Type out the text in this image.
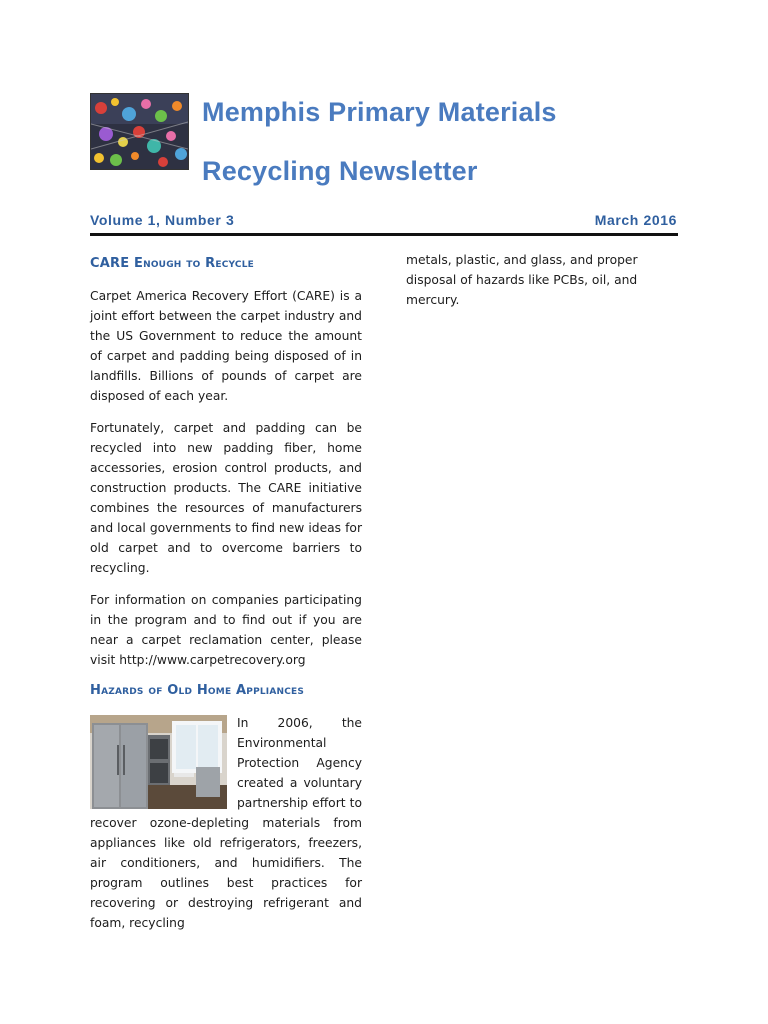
Memphis Primary Materials
Recycling Newsletter
Volume 1, Number 3	March 2016
CARE Enough to Recycle

Carpet America Recovery Effort (CARE) is a joint effort between the carpet industry and the US Government to reduce the amount of carpet and padding being disposed of in landfills. Billions of pounds of carpet are disposed of each year.

Fortunately, carpet and padding can be recycled into new padding fiber, home accessories, erosion control products, and construction products. The CARE initiative combines the resources of manufacturers and local governments to find new ideas for old carpet and to overcome barriers to recycling.

For information on companies participating in the program and to find out if you are near a carpet reclamation center, please visit http://www.carpetrecovery.org

Hazards of Old Home Appliances

In 2006, the Environmental Protection Agency created a voluntary partnership effort to recover ozone-depleting materials from appliances like old refrigerators, freezers, air conditioners, and humidifiers. The program outlines best practices for recovering or destroying refrigerant and foam, recycling

metals, plastic, and glass, and proper disposal of hazards like PCBs, oil, and mercury.
